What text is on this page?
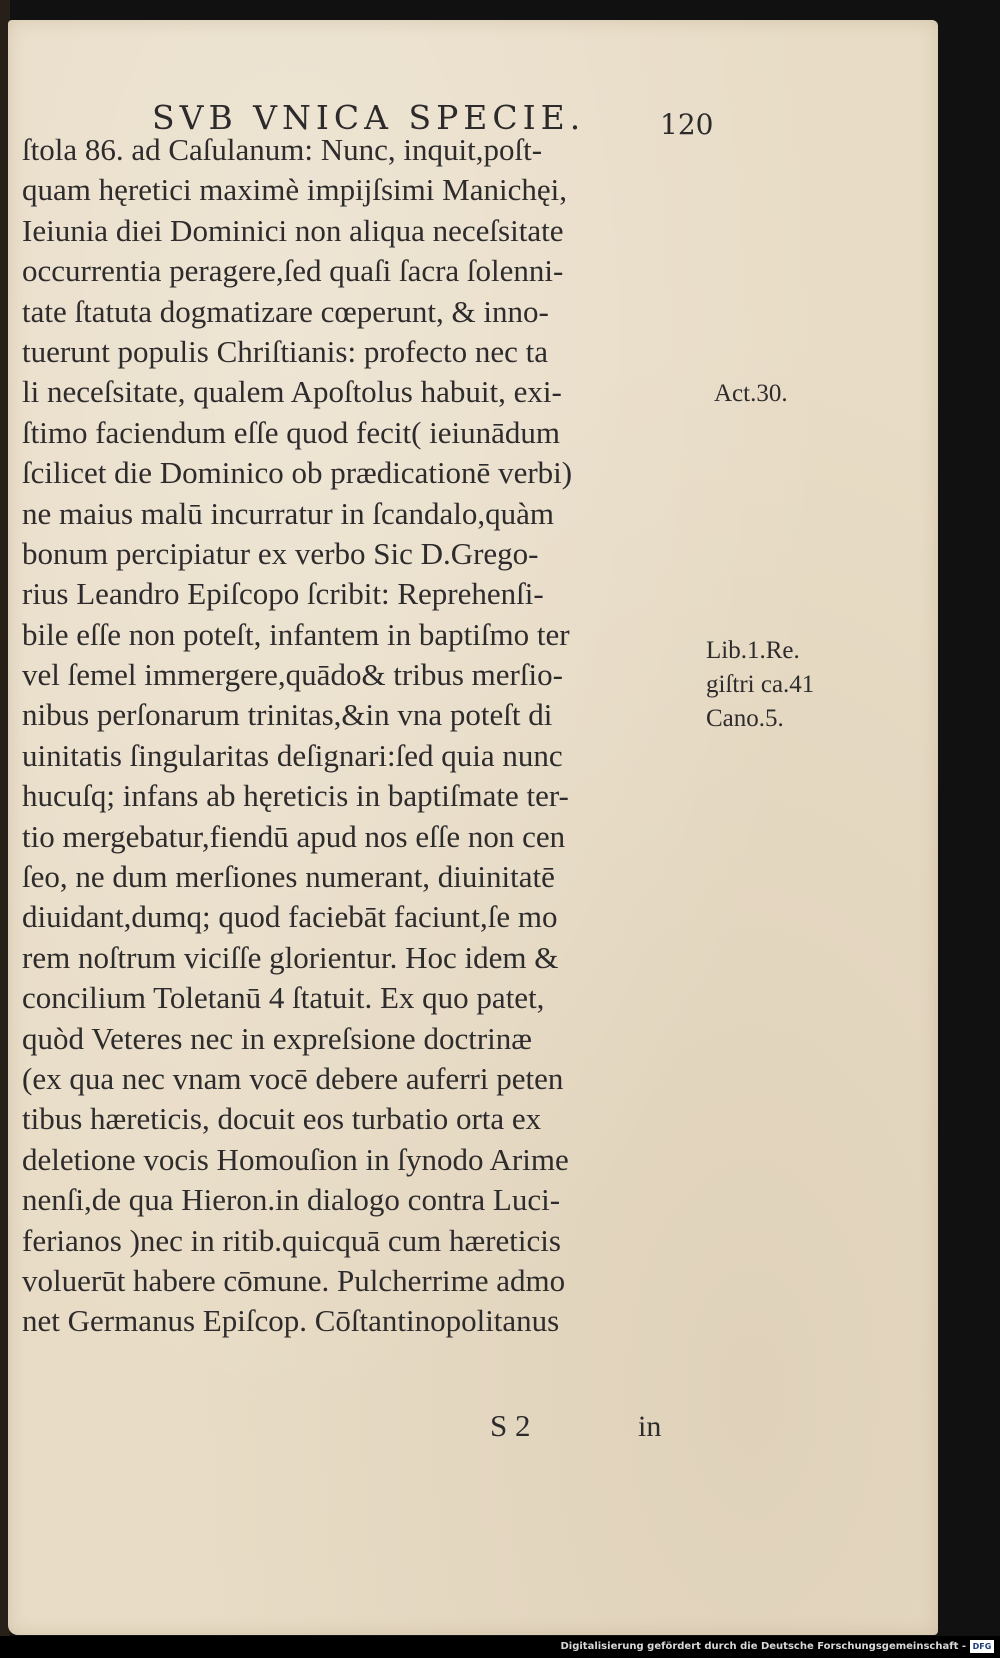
SVB VNICA SPECIE.	120
ſtola 86. ad Caſulanum: Nunc, inquit,poſt-
quam hęretici maximè impijſsimi Manichęi,
Ieiunia diei Dominici non aliqua neceſsitate
occurrentia peragere,ſed quaſi ſacra ſolenni-
tate ſtatuta dogmatizare cœperunt, & inno-
tuerunt populis Chriſtianis: profecto nec ta
li neceſsitate, qualem Apoſtolus habuit, exi-
ſtimo faciendum eſſe quod fecit( ieiunādum
ſcilicet die Dominico ob prædicationē verbi)
ne maius malū incurratur in ſcandalo,quàm
bonum percipiatur ex verbo Sic D.Grego-
rius Leandro Epiſcopo ſcribit: Reprehenſi-
bile eſſe non poteſt, infantem in baptiſmo ter
vel ſemel immergere,quādo& tribus merſio-
nibus perſonarum trinitas,&in vna poteſt di
uinitatis ſingularitas deſignari:ſed quia nunc
hucuſq; infans ab hęreticis in baptiſmate ter-
tio mergebatur,fiendū apud nos eſſe non cen
ſeo, ne dum merſiones numerant, diuinitatē
diuidant,dumq; quod faciebāt faciunt,ſe mo
rem noſtrum viciſſe glorientur. Hoc idem &
concilium Toletanū 4 ſtatuit. Ex quo patet,
quòd Veteres nec in expreſsione doctrinæ
(ex qua nec vnam vocē debere auferri peten
tibus hæreticis, docuit eos turbatio orta ex
deletione vocis Homouſion in ſynodo Arime
nenſi,de qua Hieron.in dialogo contra Luci-
ferianos )nec in ritib.quicquā cum hæreticis
voluerūt habere cōmune. Pulcherrime admo
net Germanus Epiſcop. Cōſtantinopolitanus
Act.30.
Lib.1.Re.
giſtri ca.41
Cano.5.
S 2	in
Digitalisierung gefördert durch die Deutsche Forschungsgemeinschaft - DFG
